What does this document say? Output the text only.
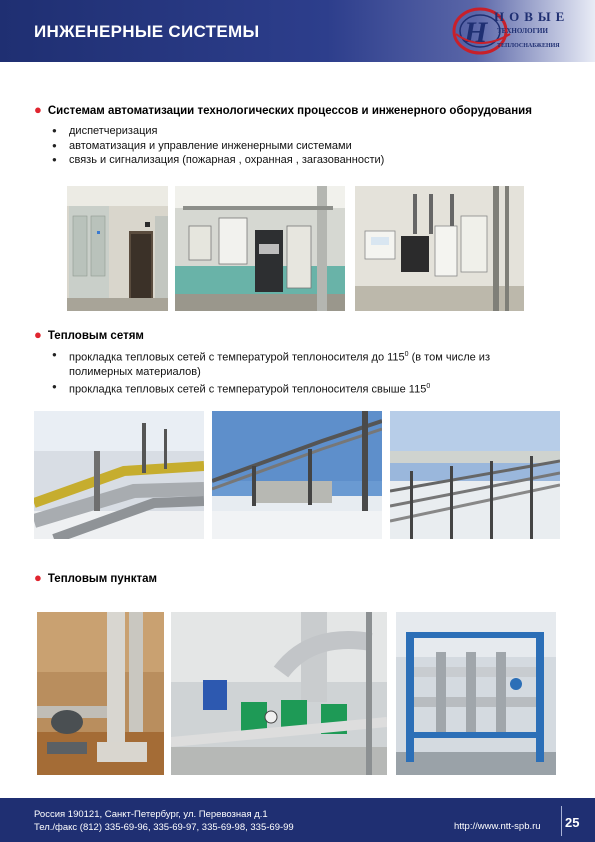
ИНЖЕНЕРНЫЕ СИСТЕМЫ	Н НОВЫЕ
ТЕХНОЛОГИИ
ТЕПЛОСНАБЖЕНИЯ
● Системам автоматизации технологических процессов и инженерного оборудования
● диспетчеризация
● автоматизация и управление инженерными системами
● связь и сигнализация (пожарная , охранная , загазованности)
● Тепловым сетям
● прокладка тепловых сетей с температурой теплоносителя до $115^0$ (в том числе из
полимерных материалов)
● прокладка тепловых сетей с температурой теплоносителя свыше $115^0$
● Тепловым пунктам
Россия 190121, Санкт-Петербург, ул. Перевозная д.1
Тел./факс (812) 335-69-96, 335-69-97, 335-69-98, 335-69-99	http://www.ntt-spb.ru 25
